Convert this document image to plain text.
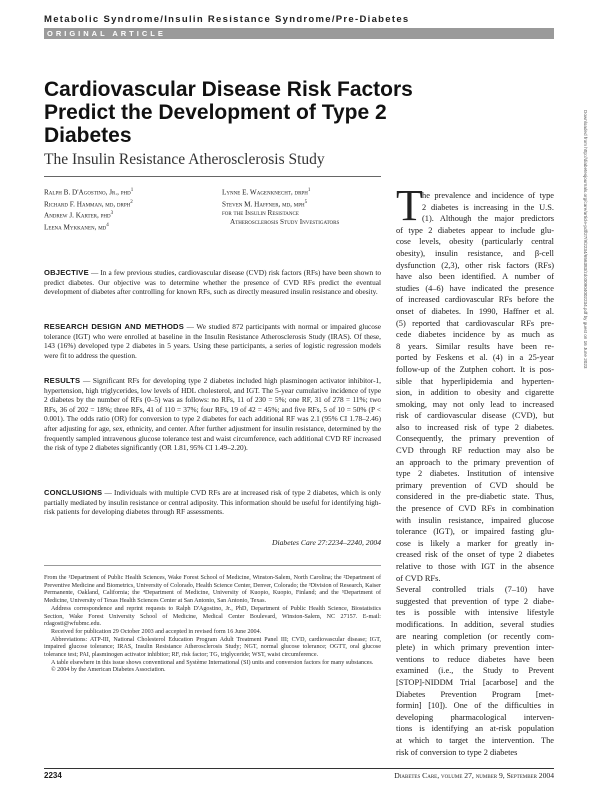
Metabolic Syndrome/Insulin Resistance Syndrome/Pre-Diabetes
ORIGINAL ARTICLE
Cardiovascular Disease Risk Factors
Predict the Development of Type 2
Diabetes
The Insulin Resistance Atherosclerosis Study
Ralph B. D'Agostino, Jr., phd$^1$
Richard F. Hamman, md, drph$^2$
Andrew J. Karter, phd$^3$
Leena Mykkanen, $md^4$
Lynne E. Wagenknecht, drph$^1$
Steven M. Haffner, md, mph$^5$
for the Insulin Resistance
Atherosclerosis Study Investigators
OBJECTIVE — In a few previous studies, cardiovascular disease (CVD) risk factors (RFs) have been shown to predict diabetes. Our objective was to determine whether the presence of CVD RFs predict the eventual development of diabetes after controlling for known RFs, such as directly measured insulin resistance and obesity.
RESEARCH DESIGN AND METHODS — We studied 872 participants with normal or impaired glucose tolerance (IGT) who were enrolled at baseline in the Insulin Resistance Atherosclerosis Study (IRAS). Of these, 143 (16%) developed type 2 diabetes in 5 years. Using these participants, a series of logistic regression models were fit to address the question.
RESULTS — Significant RFs for developing type 2 diabetes included high plasminogen activator inhibitor-1, hypertension, high triglycerides, low levels of HDL cholesterol, and IGT. The 5-year cumulative incidence of type 2 diabetes by the number of RFs (0–5) was as follows: no RFs, 11 of 230 = 5%; one RF, 31 of 278 = 11%; two RFs, 36 of 202 = 18%; three RFs, 41 of 110 = 37%; four RFs, 19 of 42 = 45%; and five RFs, 5 of 10 = 50% (P < 0.001). The odds ratio (OR) for conversion to type 2 diabetes for each additional RF was 2.1 (95% CI 1.78–2.46) after adjusting for age, sex, ethnicity, and center. After further adjustment for insulin resistance, determined by the frequently sampled intravenous glucose tolerance test and waist circumference, each additional CVD RF increased the risk of type 2 diabetes significantly (OR 1.81, 95% CI 1.49–2.20).
CONCLUSIONS — Individuals with multiple CVD RFs are at increased risk of type 2 diabetes, which is only partially mediated by insulin resistance or central adiposity. This information should be useful for identifying high-risk patients for developing diabetes through RF assessments.
Diabetes Care 27:2234–2240, 2004

From the ¹Department of Public Health Sciences, Wake Forest School of Medicine, Winston-Salem, North Carolina; the ²Department of Preventive Medicine and Biometrics, University of Colorado, Health Science Center, Denver, Colorado; the ³Division of Research, Kaiser Permanente, Oakland, California; the ⁴Department of Medicine, University of Kuopio, Kuopio, Finland; and the ⁵Department of Medicine, University of Texas Health Sciences Center at San Antonio, San Antonio, Texas.

Address correspondence and reprint requests to Ralph D'Agostino, Jr., PhD, Department of Public Health Science, Biostatistics Section, Wake Forest University School of Medicine, Medical Center Boulevard, Winston-Salem, NC 27157. E-mail: rdagosti@wfubmc.edu.

Received for publication 29 October 2003 and accepted in revised form 16 June 2004.

Abbreviations: ATP-III, National Cholesterol Education Program Adult Treatment Panel III; CVD, cardiovascular disease; IGT, impaired glucose tolerance; IRAS, Insulin Resistance Atherosclerosis Study; NGT, normal glucose tolerance; OGTT, oral glucose tolerance test; PAI, plasminogen activator inhibitor; RF, risk factor; TG, triglyceride; WST, waist circumference.

A table elsewhere in this issue shows conventional and Système International (SI) units and conversion factors for many substances.

© 2004 by the American Diabetes Association.

T he prevalence and incidence of type
2 diabetes is increasing in the U.S.
(1). Although the major predictors
of type 2 diabetes appear to include glu-
cose levels, obesity (particularly central
obesity), insulin resistance, and β-cell
dysfunction (2,3), other risk factors (RFs)
have also been identified. A number of
studies (4–6) have indicated the presence
of increased cardiovascular RFs before the
onset of diabetes. In 1990, Haffner et al.
(5) reported that cardiovascular RFs pre-
cede diabetes incidence by as much as
8 years. Similar results have been re-
ported by Feskens et al. (4) in a 25-year
follow-up of the Zutphen cohort. It is pos-
sible that hyperlipidemia and hyperten-
sion, in addition to obesity and cigarette
smoking, may not only lead to increased
risk of cardiovascular disease (CVD), but
also to increased risk of type 2 diabetes.
Consequently, the primary prevention of
CVD through RF reduction may also be
an approach to the primary prevention of
type 2 diabetes. Institution of intensive
primary prevention of CVD should be
considered in the pre-diabetic state. Thus,
the presence of CVD RFs in combination
with insulin resistance, impaired glucose
tolerance (IGT), or impaired fasting glu-
cose is likely a marker for greatly in-
creased risk of the onset of type 2 diabetes
relative to those with IGT in the absence
of CVD RFs.
Several controlled trials (7–10) have
suggested that prevention of type 2 diabe-
tes is possible with intensive lifestyle
modifications. In addition, several studies
are nearing completion (or recently com-
plete) in which primary prevention inter-
ventions to reduce diabetes have been
examined (i.e., the Study to Prevent
[STOP]-NIDDM Trial [acarbose] and the
Diabetes Prevention Program [met-
formin] [10]). One of the difficulties in
developing pharmacological interven-
tions is identifying an at-risk population
at which to target the intervention. The
risk of conversion to type 2 diabetes
Downloaded from http://diabetesjournals.org/care/article-pdf/27/9/2234/656383/zdc00904002234.pdf by guest on 16 June 2023
2234	Diabetes Care, volume 27, number 9, September 2004
